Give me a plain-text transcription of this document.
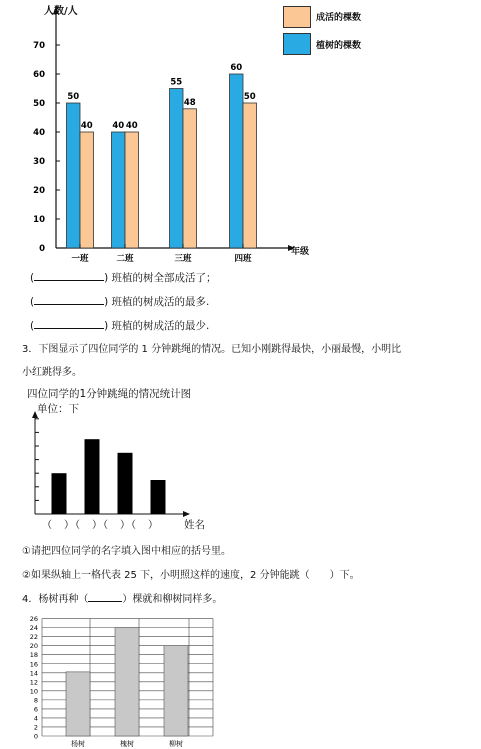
0
10
20
30
40
50
60
70
50
40
一班
40 40
二班
55
48
三班
60
50
四班
人数/人
年级
成活的棵数
植树的棵数
(	) 班植的树全部成活了；
(	) 班植的树成活的最多.
(	) 班植的树成活的最少.
3．下图显示了四位同学的 1 分钟跳绳的情况。已知小刚跳得最快，小丽最慢，小明比
小红跳得多。
四位同学的1分钟跳绳的情况统计图
单位：下
（　）（　）（　）（　） 姓名
①请把四位同学的名字填入图中相应的括号里。
②如果纵轴上一格代表 25 下，小明照这样的速度，2 分钟能跳（　　）下。
4．杨树再种（	）棵就和柳树同样多。
0
2
4
6
8
10
12
14
16
18
20
22
24
26
杨树	槐树	柳树
